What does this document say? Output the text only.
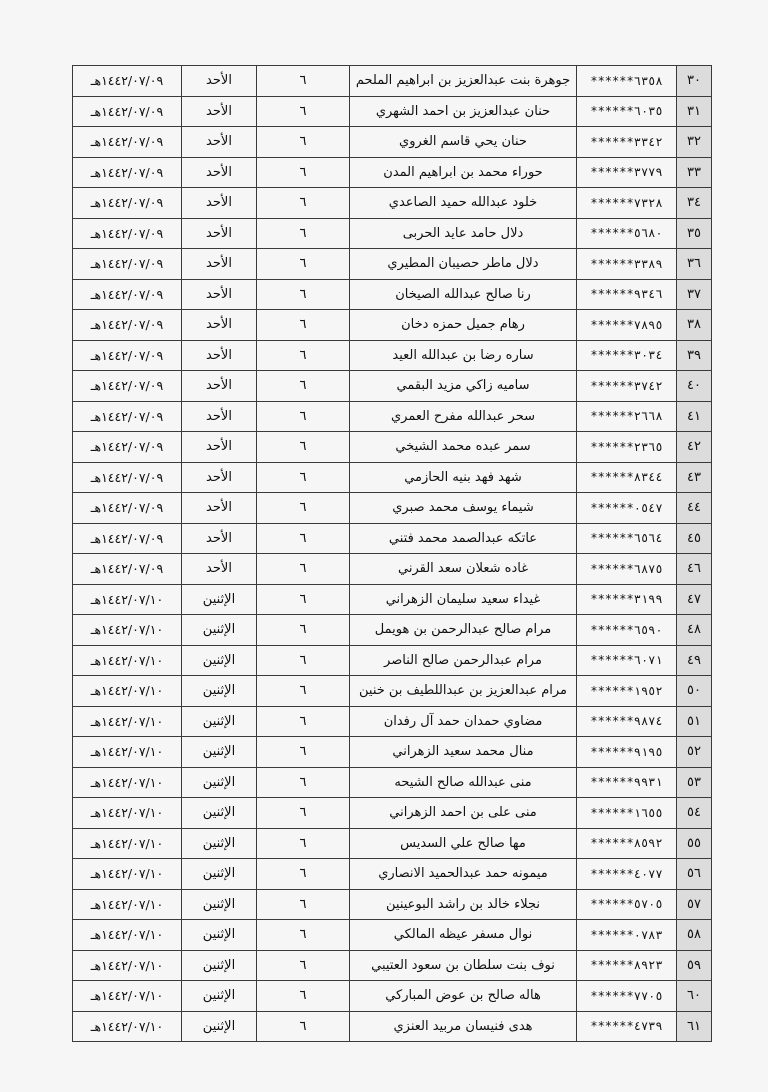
٣٠	٦٣٥٨******	جوهرة بنت عبدالعزيز بن ابراهيم الملحم	٦	الأحد	١٤٤٢/٠٧/٠٩هـ
٣١	٦٠٣٥******	حنان عبدالعزيز بن احمد الشهري	٦	الأحد	١٤٤٢/٠٧/٠٩هـ
٣٢	٣٣٤٢******	حنان يحي قاسم الغروي	٦	الأحد	١٤٤٢/٠٧/٠٩هـ
٣٣	٣٧٧٩******	حوراء محمد بن ابراهيم المدن	٦	الأحد	١٤٤٢/٠٧/٠٩هـ
٣٤	٧٣٢٨******	خلود عبدالله حميد الصاعدي	٦	الأحد	١٤٤٢/٠٧/٠٩هـ
٣٥	٥٦٨٠******	دلال حامد عايد الحربى	٦	الأحد	١٤٤٢/٠٧/٠٩هـ
٣٦	٣٣٨٩******	دلال ماطر حصيبان المطيري	٦	الأحد	١٤٤٢/٠٧/٠٩هـ
٣٧	٩٣٤٦******	رنا صالح عبدالله الصيخان	٦	الأحد	١٤٤٢/٠٧/٠٩هـ
٣٨	٧٨٩٥******	رهام جميل حمزه دخان	٦	الأحد	١٤٤٢/٠٧/٠٩هـ
٣٩	٣٠٣٤******	ساره رضا بن عبدالله العيد	٦	الأحد	١٤٤٢/٠٧/٠٩هـ
٤٠	٣٧٤٢******	ساميه زاكي مزيد البقمي	٦	الأحد	١٤٤٢/٠٧/٠٩هـ
٤١	٢٦٦٨******	سحر عبدالله مفرح العمري	٦	الأحد	١٤٤٢/٠٧/٠٩هـ
٤٢	٢٣٦٥******	سمر عبده محمد الشيخي	٦	الأحد	١٤٤٢/٠٧/٠٩هـ
٤٣	٨٣٤٤******	شهد فهد بنيه الحازمي	٦	الأحد	١٤٤٢/٠٧/٠٩هـ
٤٤	٠٥٤٧******	شيماء يوسف محمد صبري	٦	الأحد	١٤٤٢/٠٧/٠٩هـ
٤٥	٦٥٦٤******	عاتكه عبدالصمد محمد فتني	٦	الأحد	١٤٤٢/٠٧/٠٩هـ
٤٦	٦٨٧٥******	غاده شعلان سعد القرني	٦	الأحد	١٤٤٢/٠٧/٠٩هـ
٤٧	٣١٩٩******	غيداء سعيد سليمان الزهراني	٦	الإثنين	١٤٤٢/٠٧/١٠هـ
٤٨	٦٥٩٠******	مرام صالح عبدالرحمن بن هويمل	٦	الإثنين	١٤٤٢/٠٧/١٠هـ
٤٩	٦٠٧١******	مرام عبدالرحمن صالح الناصر	٦	الإثنين	١٤٤٢/٠٧/١٠هـ
٥٠	١٩٥٢******	مرام عبدالعزيز بن عبداللطيف بن خنين	٦	الإثنين	١٤٤٢/٠٧/١٠هـ
٥١	٩٨٧٤******	مضاوي حمدان حمد آل رفدان	٦	الإثنين	١٤٤٢/٠٧/١٠هـ
٥٢	٩١٩٥******	منال محمد سعيد الزهراني	٦	الإثنين	١٤٤٢/٠٧/١٠هـ
٥٣	٩٩٣١******	منى عبدالله صالح الشيحه	٦	الإثنين	١٤٤٢/٠٧/١٠هـ
٥٤	١٦٥٥******	منى على بن احمد الزهراني	٦	الإثنين	١٤٤٢/٠٧/١٠هـ
٥٥	٨٥٩٢******	مها صالح علي السديس	٦	الإثنين	١٤٤٢/٠٧/١٠هـ
٥٦	٤٠٧٧******	ميمونه حمد عبدالحميد الانصاري	٦	الإثنين	١٤٤٢/٠٧/١٠هـ
٥٧	٥٧٠٥******	نجلاء خالد بن راشد البوعينين	٦	الإثنين	١٤٤٢/٠٧/١٠هـ
٥٨	٠٧٨٣******	نوال مسفر عيظه المالكي	٦	الإثنين	١٤٤٢/٠٧/١٠هـ
٥٩	٨٩٢٣******	نوف بنت سلطان بن سعود العتيبي	٦	الإثنين	١٤٤٢/٠٧/١٠هـ
٦٠	٧٧٠٥******	هاله صالح بن عوض المباركي	٦	الإثنين	١٤٤٢/٠٧/١٠هـ
٦١	٤٧٣٩******	هدى فنيسان مربيد العنزي	٦	الإثنين	١٤٤٢/٠٧/١٠هـ
